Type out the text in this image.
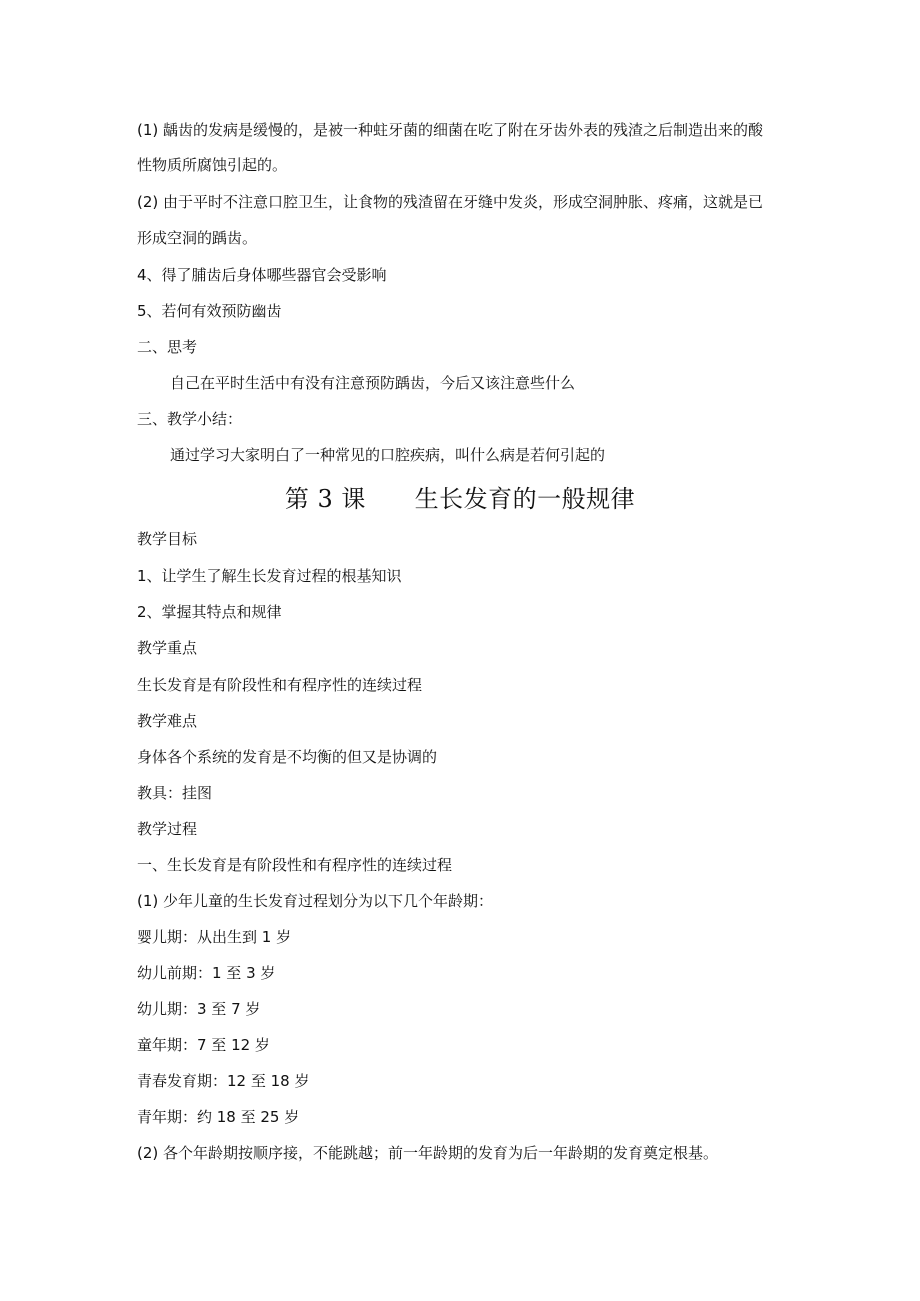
(1) 龋齿的发病是缓慢的，是被一种蛀牙菌的细菌在吃了附在牙齿外表的残渣之后制造出来的酸
性物质所腐蚀引起的。
(2) 由于平时不注意口腔卫生，让食物的残渣留在牙缝中发炎，形成空洞肿胀、疼痛，这就是已
形成空洞的踽齿。
4、得了脯齿后身体哪些器官会受影响
5、若何有效预防幽齿
二、思考
自己在平时生活中有没有注意预防踽齿，今后又该注意些什么
三、教学小结：
通过学习大家明白了一种常见的口腔疾病，叫什么病是若何引起的
第 3 课      生长发育的一般规律
教学目标
1、让学生了解生长发育过程的根基知识
2、掌握其特点和规律
教学重点
生长发育是有阶段性和有程序性的连续过程
教学难点
身体各个系统的发育是不均衡的但又是协调的
教具：挂图
教学过程
一、生长发育是有阶段性和有程序性的连续过程
(1) 少年儿童的生长发育过程划分为以下几个年龄期：
婴儿期：从出生到 1 岁
幼儿前期：1 至 3 岁
幼儿期：3 至 7 岁
童年期：7 至 12 岁
青春发育期：12 至 18 岁
青年期：约 18 至 25 岁
(2) 各个年龄期按顺序接，不能跳越；前一年龄期的发育为后一年龄期的发育奠定根基。
